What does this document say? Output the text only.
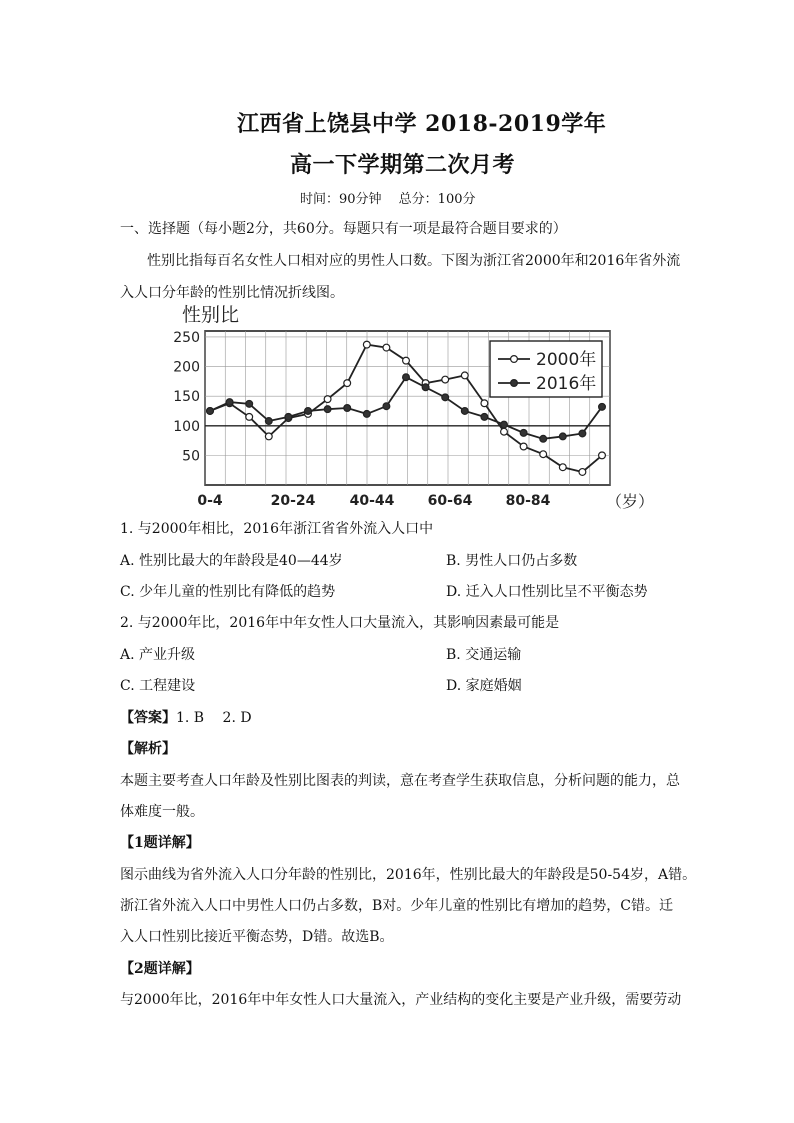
江西省上饶县中学 2018-2019学年
高一下学期第二次月考
时间：90分钟　 总分：100分
一、选择题（每小题2分，共60分。每题只有一项是最符合题目要求的）
性别比指每百名女性人口相对应的男性人口数。下图为浙江省2000年和2016年省外流
入人口分年龄的性别比情况折线图。
50
100
150
200
250
性别比
0-4	20-24 40-44 60-64 80-84	（岁）
2000年
2016年
1. 与2000年相比，2016年浙江省省外流入人口中
A. 性别比最大的年龄段是40—44岁	B. 男性人口仍占多数
C. 少年儿童的性别比有降低的趋势	D. 迁入人口性别比呈不平衡态势
2. 与2000年比，2016年中年女性人口大量流入，其影响因素最可能是
A. 产业升级	B. 交通运输
C. 工程建设	D. 家庭婚姻
【答案】1. B　 2. D
【解析】
本题主要考查人口年龄及性别比图表的判读，意在考查学生获取信息，分析问题的能力，总
体难度一般。
【1题详解】
图示曲线为省外流入人口分年龄的性别比，2016年，性别比最大的年龄段是50-54岁，A错。
浙江省外流入人口中男性人口仍占多数，B对。少年儿童的性别比有增加的趋势，C错。迁
入人口性别比接近平衡态势，D错。故选B。
【2题详解】
与2000年比，2016年中年女性人口大量流入，产业结构的变化主要是产业升级，需要劳动
